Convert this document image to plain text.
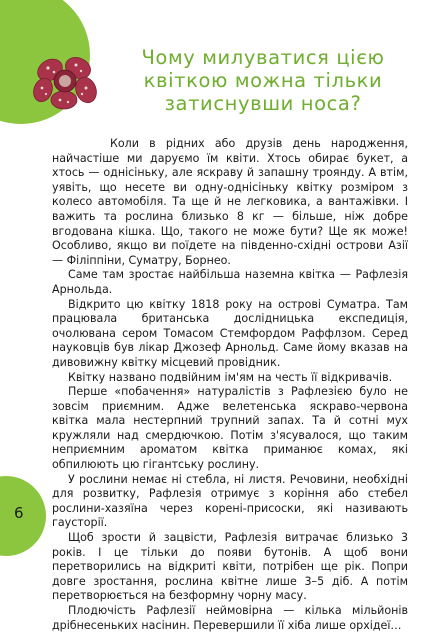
Чому милуватися цією
квіткою можна тільки
затиснувши носа?

Коли в рідних або друзів день народження, найчастіше ми даруємо їм квіти. Хтось обирає букет, а хтось — однісіньку, але яскраву й запашну троянду. А втім, уявіть, що несете ви одну-однісіньку квітку розміром з колесо автомобіля. Та ще й не легковика, а вантажівки. І важить та рослина близько 8 кг — більше, ніж добре вгодована кішка. Що, такого не може бути? Ще як може! Особливо, якщо ви поїдете на південно-східні острови Азії — Філіппіни, Суматру, Борнео.

Саме там зростає найбільша наземна квітка — Рафлезія Арнольда.

Відкрито цю квітку 1818 року на острові Суматра. Там працювала британська дослідницька експедиція, очолювана сером Томасом Стемфордом Раффлзом. Серед науковців був лікар Джозеф Арнольд. Саме йому вказав на дивовижну квітку місцевий провідник.

Квітку названо подвійним ім'ям на честь її відкривачів.

Перше «побачення» натуралістів з Рафлезією було не зовсім приємним. Адже велетенська яскраво-червона квітка мала нестерпний трупний запах. Та й сотні мух кружляли над смердючкою. Потім з'ясувалося, що таким неприємним ароматом квітка приманює комах, які обпилюють цю гігантську рослину.

У рослини немає ні стебла, ні листя. Речовини, необхідні для розвитку, Рафлезія отримує з коріння або стебел рослини-хазяїна через корені-присоски, які називають гаусторії.

Щоб зрости й зацвісти, Рафлезія витрачає близько 3 років. І це тільки до появи бутонів. А щоб вони перетворились на відкриті квіти, потрібен ще рік. Попри довге зростання, рослина квітне лише 3–5 діб. А потім перетворюється на безформну чорну масу.

Плодючість Рафлезії неймовірна — кілька мільйонів дрібнесеньких насінин. Перевершили її хіба лише орхідеї…

6
